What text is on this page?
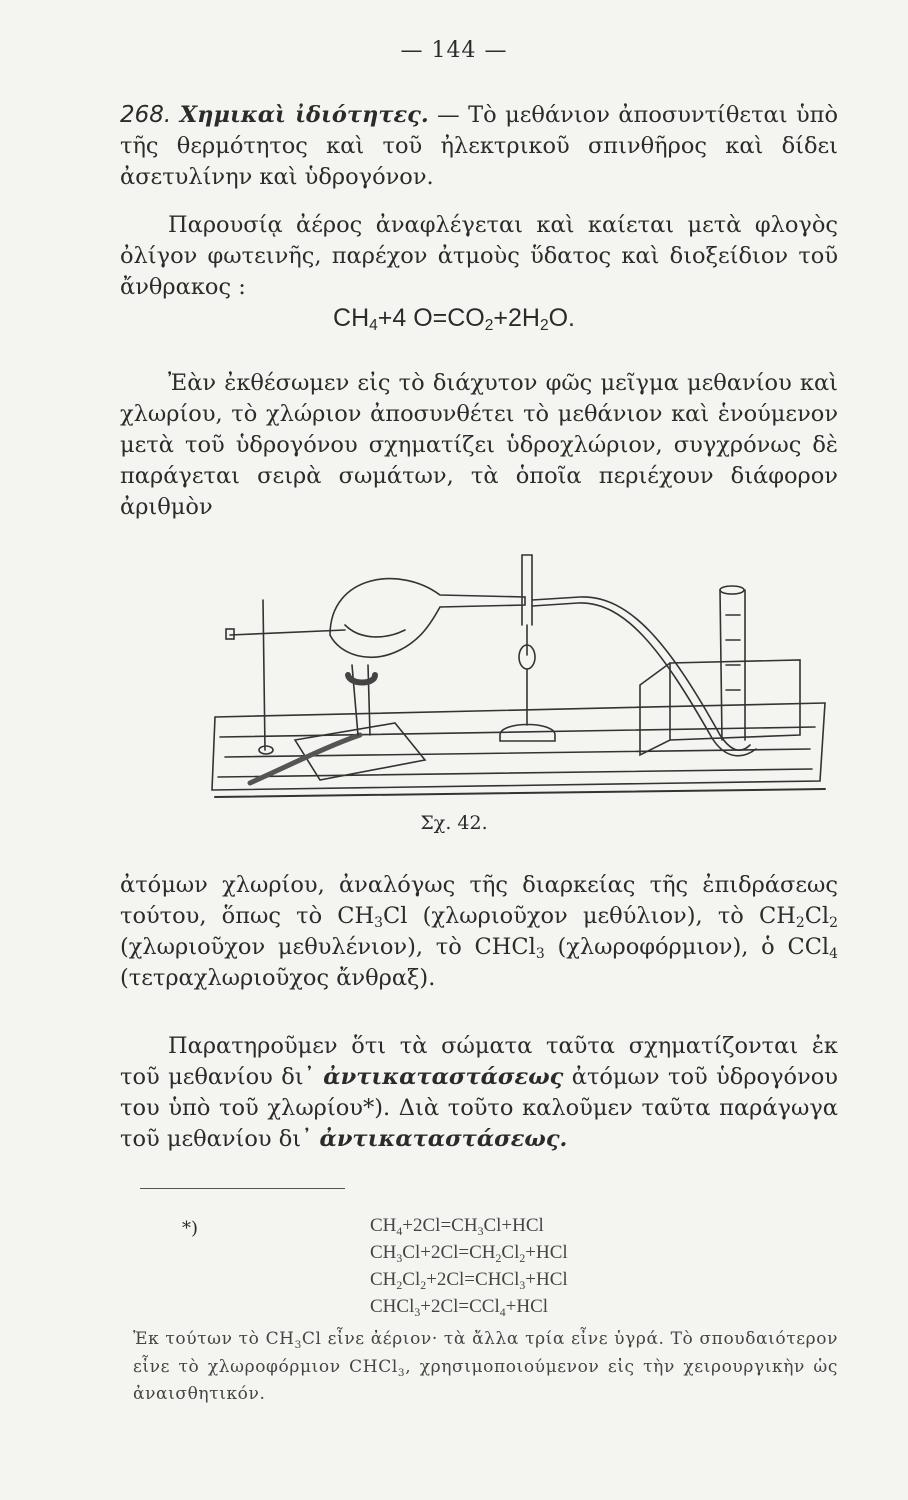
— 144 —

268. Χημικαὶ ἰδιότητες. — Τὸ μεθάνιον ἀποσυντίθεται ὑπὸ τῆς θερμότητος καὶ τοῦ ἠλεκτρικοῦ σπινθῆρος καὶ δίδει ἀσετυλίνην καὶ ὑδρογόνον.

Παρουσίᾳ ἀέρος ἀναφλέγεται καὶ καίεται μετὰ φλογὸς ὀλίγον φωτεινῆς, παρέχον ἀτμοὺς ὕδατος καὶ διοξείδιον τοῦ ἄνθρακος :

$CH_4+4$ $O=CO_2+2H_2O$.

Ἐὰν ἐκθέσωμεν εἰς τὸ διάχυτον φῶς μεῖγμα μεθανίου καὶ χλωρίου, τὸ χλώριον ἀποσυνθέτει τὸ μεθάνιον καὶ ἑνούμενον μετὰ τοῦ ὑδρογόνου σχηματίζει ὑδροχλώριον, συγχρόνως δὲ παράγεται σειρὰ σωμάτων, τὰ ὁποῖα περιέχουν διάφορον ἀριθμὸν

Σχ. 42.

ἀτόμων χλωρίου, ἀναλόγως τῆς διαρκείας τῆς ἐπιδράσεως τούτου, ὅπως τὸ $CH_3Cl$ (χλωριοῦχον μεθύλιον), τὸ $CH_2Cl_2$ (χλωριοῦχον μεθυλένιον), τὸ CHCl$_3$ (χλωροφόρμιον), ὁ CCl$_4$ (τετραχλωριοῦχος ἄνθραξ).

Παρατηροῦμεν ὅτι τὰ σώματα ταῦτα σχηματίζονται ἐκ τοῦ μεθανίου δι᾽ ἀντικαταστάσεως ἀτόμων τοῦ ὑδρογόνου του ὑπὸ τοῦ χλωρίου*). Διὰ τοῦτο καλοῦμεν ταῦτα παράγωγα τοῦ μεθανίου δι᾽ ἀντικαταστάσεως.

*)	$CH_4+2Cl=CH_3Cl+HCl$
$CH_3Cl+2Cl=CH_2Cl_2+HCl$
$CH_2Cl_2+2Cl=CHCl_3+HCl$
CHCl$_3$+2Cl=CCl$_4$+HCl

Ἐκ τούτων τὸ $CH_3Cl$ εἶνε ἀέριον· τὰ ἄλλα τρία εἶνε ὑγρά. Τὸ σπουδαιότερον εἶνε τὸ χλωροφόρμιον CHCl$_3$, χρησιμοποιούμενον εἰς τὴν χειρουργικὴν ὡς ἀναισθητικόν.
